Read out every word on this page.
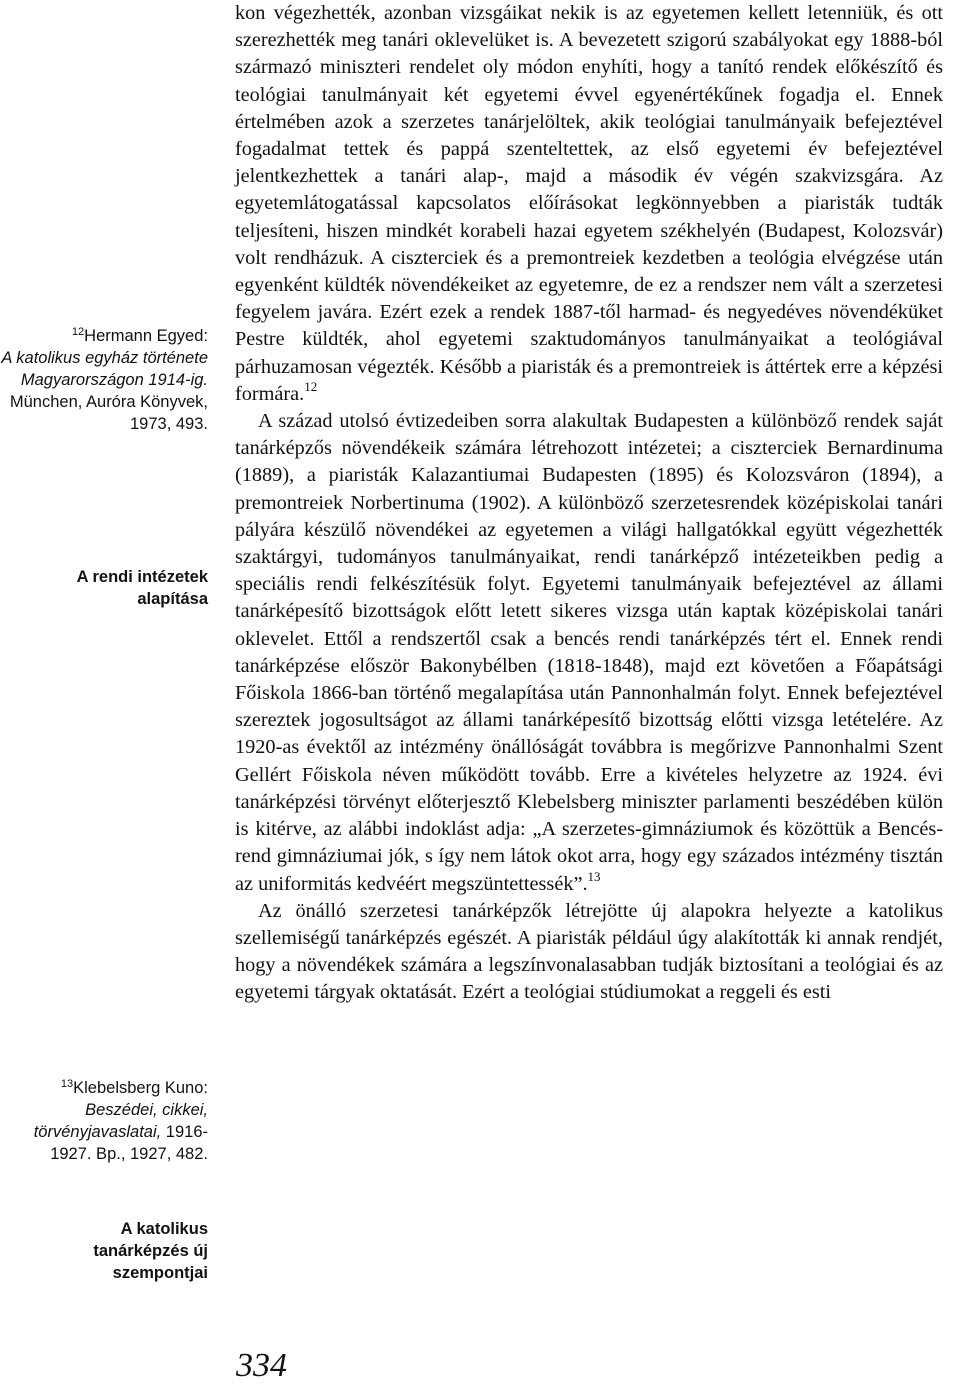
$^{12}$Hermann Egyed:
A katolikus egyház története Magyarországon 1914-ig. München, Auróra Könyvek, 1973, 493.
A rendi intézetek alapítása
$^{13}$Klebelsberg Kuno:
Beszédei, cikkei, törvényjavaslatai, 1916-1927. Bp., 1927, 482.
A katolikus tanárképzés új szempontjai

kon végezhették, azonban vizsgáikat nekik is az egyetemen kellett letenniük, és ott szerezhették meg tanári oklevelüket is. A bevezetett szigorú szabályokat egy 1888-ból származó miniszteri rendelet oly módon enyhíti, hogy a tanító rendek előkészítő és teológiai tanulmányait két egyetemi évvel egyenértékűnek fogadja el. Ennek értelmében azok a szerzetes tanárjelöltek, akik teológiai tanulmányaik befejeztével fogadalmat tettek és pappá szenteltettek, az első egyetemi év befejeztével jelentkezhettek a tanári alap-, majd a második év végén szakvizsgára. Az egyetemlátogatással kapcsolatos előírásokat legkönnyebben a piaristák tudták teljesíteni, hiszen mindkét korabeli hazai egyetem székhelyén (Budapest, Kolozsvár) volt rendházuk. A ciszterciek és a premontreiek kezdetben a teológia elvégzése után egyenként küldték növendékeiket az egyetemre, de ez a rendszer nem vált a szerzetesi fegyelem javára. Ezért ezek a rendek 1887-től harmad- és negyedéves növendéküket Pestre küldték, ahol egyetemi szaktudományos tanulmányaikat a teológiával párhuzamosan végezték. Később a piaristák és a premontreiek is áttértek erre a képzési formára.$^{12}$

A század utolsó évtizedeiben sorra alakultak Budapesten a különböző rendek saját tanárképzős növendékeik számára létrehozott intézetei; a ciszterciek Bernardinuma (1889), a piaristák Kalazantiumai Budapesten (1895) és Kolozsváron (1894), a premontreiek Norbertinuma (1902). A különböző szerzetesrendek középiskolai tanári pályára készülő növendékei az egyetemen a világi hallgatókkal együtt végezhették szaktárgyi, tudományos tanulmányaikat, rendi tanárképző intézeteikben pedig a speciális rendi felkészítésük folyt. Egyetemi tanulmányaik befejeztével az állami tanárképesítő bizottságok előtt letett sikeres vizsga után kaptak középiskolai tanári oklevelet. Ettől a rendszertől csak a bencés rendi tanárképzés tért el. Ennek rendi tanárképzése először Bakonybélben (1818-1848), majd ezt követően a Főapátsági Főiskola 1866-ban történő megalapítása után Pannonhalmán folyt. Ennek befejeztével szereztek jogosultságot az állami tanárképesítő bizottság előtti vizsga letételére. Az 1920-as évektől az intézmény önállóságát továbbra is megőrizve Pannonhalmi Szent Gellért Főiskola néven működött tovább. Erre a kivételes helyzetre az 1924. évi tanárképzési törvényt előterjesztő Klebelsberg miniszter parlamenti beszédében külön is kitérve, az alábbi indoklást adja: „A szerzetes-gimnáziumok és közöttük a Bencés-rend gimnáziumai jók, s így nem látok okot arra, hogy egy százados intézmény tisztán az uniformitás kedvéért megszüntettessék”.$^{13}$

Az önálló szerzetesi tanárképzők létrejötte új alapokra helyezte a katolikus szellemiségű tanárképzés egészét. A piaristák például úgy alakították ki annak rendjét, hogy a növendékek számára a legszínvonalasabban tudják biztosítani a teológiai és az egyetemi tárgyak oktatását. Ezért a teológiai stúdiumokat a reggeli és esti

334
